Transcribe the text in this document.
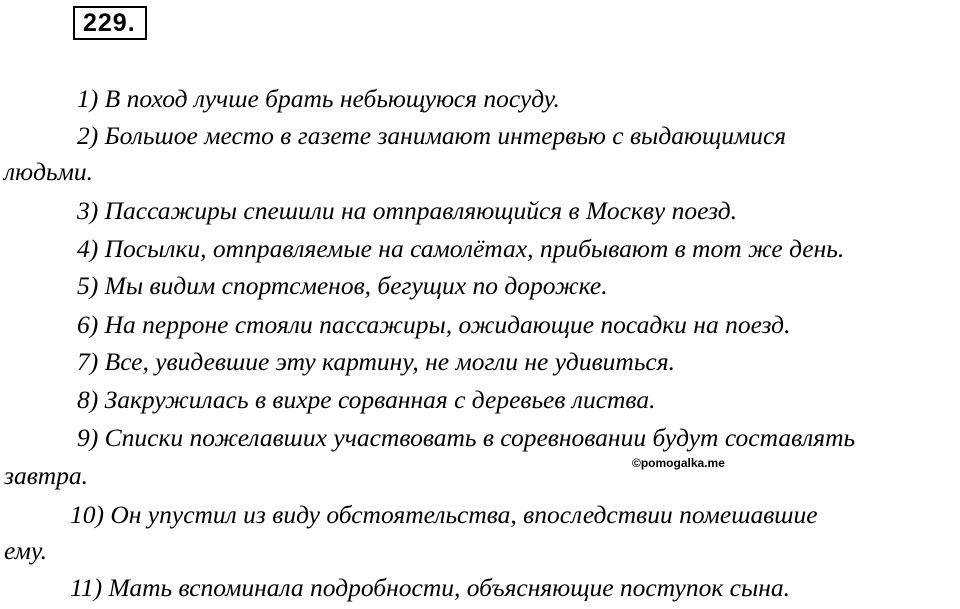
229.
1) В поход лучше брать небьющуюся посуду.
2) Большое место в газете занимают интервью с выдающимися
людьми.
3) Пассажиры спешили на отправляющийся в Москву поезд.
4) Посылки, отправляемые на самолётах, прибывают в тот же день.
5) Мы видим спортсменов, бегущих по дорожке.
6) На перроне стояли пассажиры, ожидающие посадки на поезд.
7) Все, увидевшие эту картину, не могли не удивиться.
8) Закружилась в вихре сорванная с деревьев листва.
9) Списки пожелавших участвовать в соревновании будут составлять
завтра.	©pomogalka.me
10) Он упустил из виду обстоятельства, впоследствии помешавшие
ему.
11) Мать вспоминала подробности, объясняющие поступок сына.
